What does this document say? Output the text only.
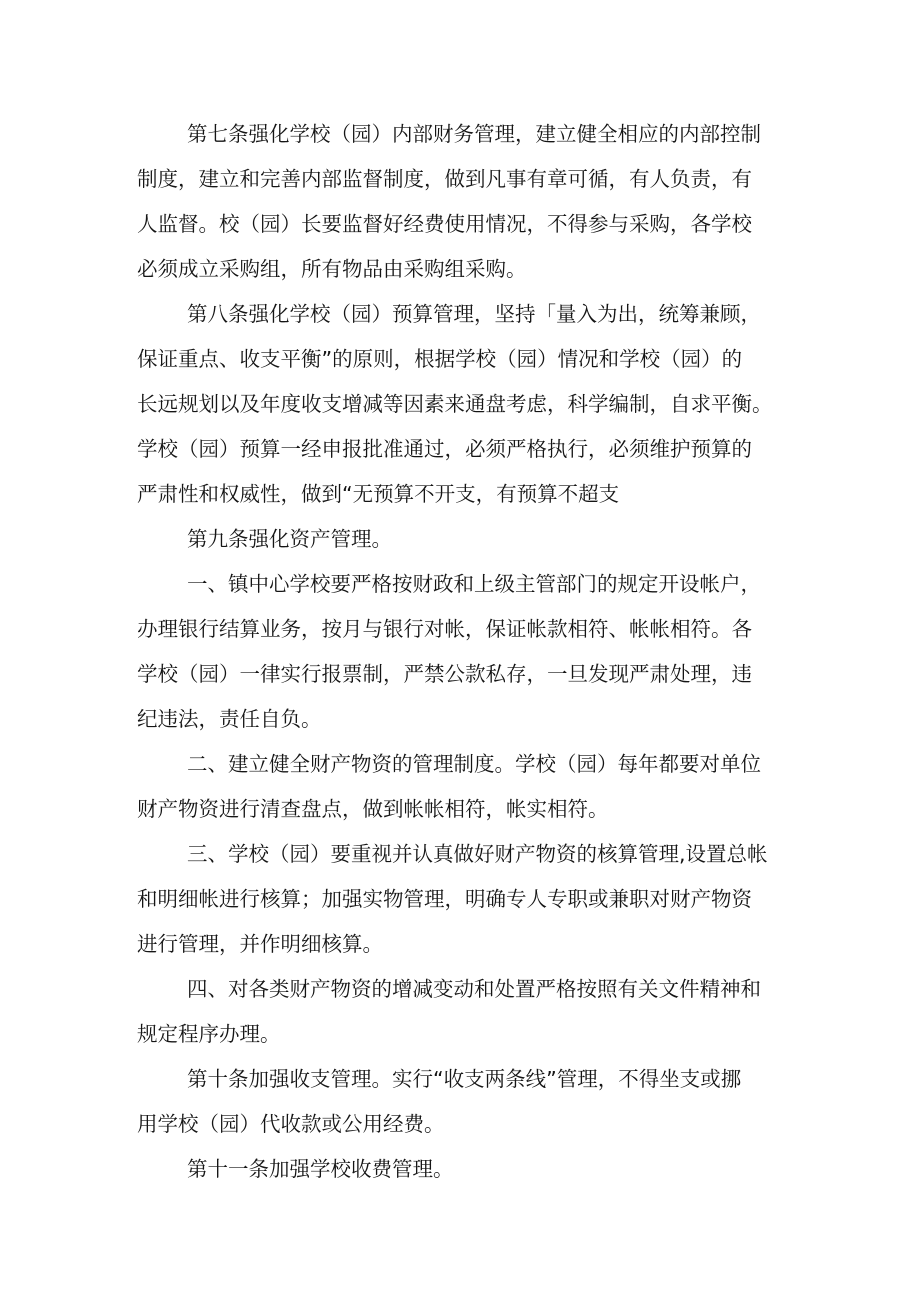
第七条强化学校（园）内部财务管理，建立健全相应的内部控制

制度，建立和完善内部监督制度，做到凡事有章可循，有人负责，有

人监督。校（园）长要监督好经费使用情况，不得参与采购，各学校

必须成立采购组，所有物品由采购组采购。

第八条强化学校（园）预算管理，坚持「量入为出，统筹兼顾，

保证重点、收支平衡”的原则，根据学校（园）情况和学校（园）的

长远规划以及年度收支增减等因素来通盘考虑，科学编制，自求平衡。

学校（园）预算一经申报批准通过，必须严格执行，必须维护预算的

严肃性和权威性，做到“无预算不开支，有预算不超支

第九条强化资产管理。

一、镇中心学校要严格按财政和上级主管部门的规定开设帐户，

办理银行结算业务，按月与银行对帐，保证帐款相符、帐帐相符。各

学校（园）一律实行报票制，严禁公款私存，一旦发现严肃处理，违

纪违法，责任自负。

二、建立健全财产物资的管理制度。学校（园）每年都要对单位

财产物资进行清查盘点，做到帐帐相符，帐实相符。

三、学校（园）要重视并认真做好财产物资的核算管理,设置总帐

和明细帐进行核算；加强实物管理，明确专人专职或兼职对财产物资

进行管理，并作明细核算。

四、对各类财产物资的增减变动和处置严格按照有关文件精神和

规定程序办理。

第十条加强收支管理。实行“收支两条线”管理，不得坐支或挪

用学校（园）代收款或公用经费。

第十一条加强学校收费管理。
